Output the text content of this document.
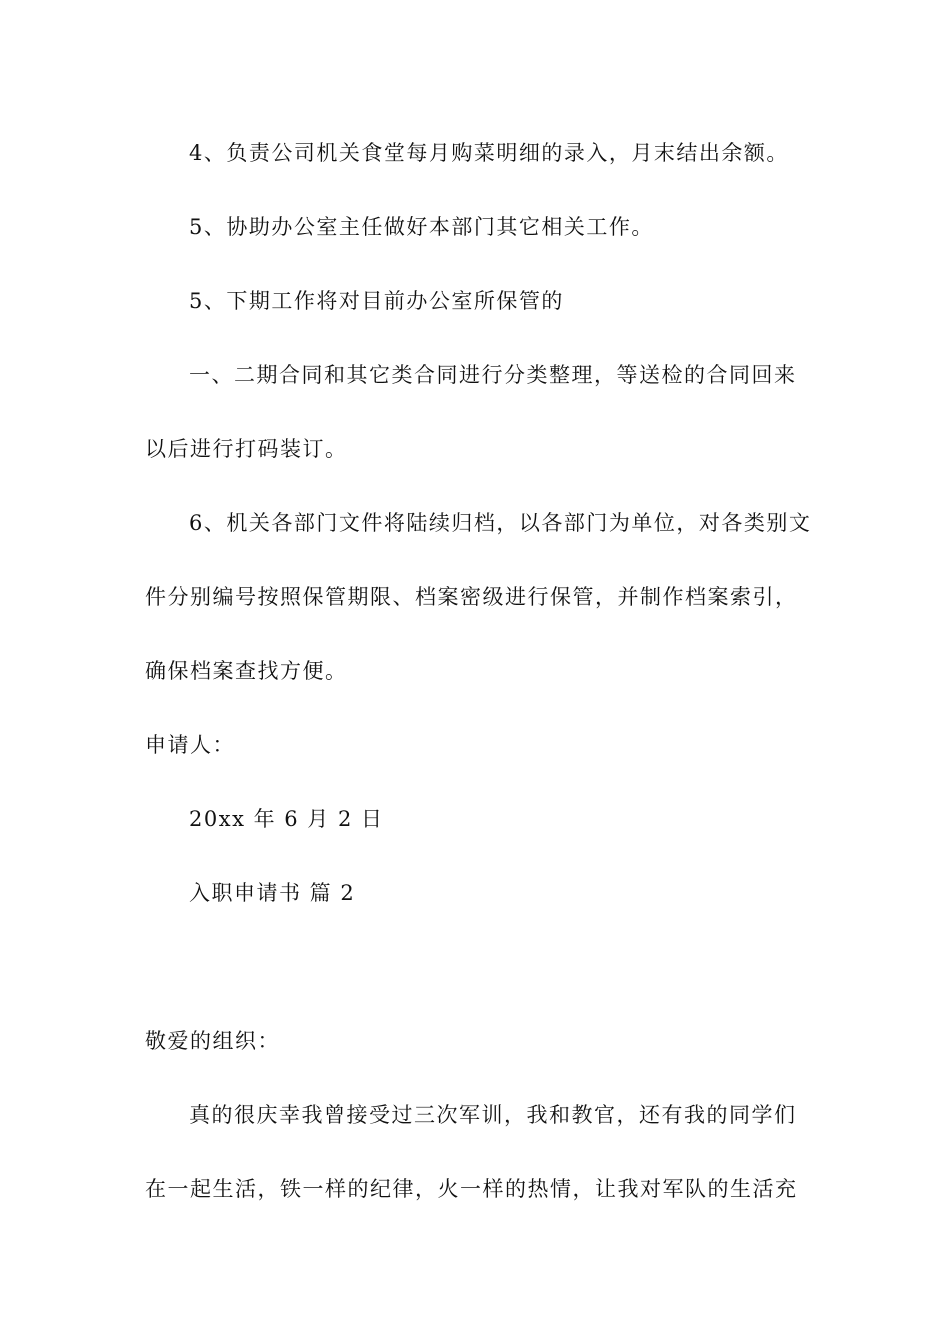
4、负责公司机关食堂每月购菜明细的录入，月末结出余额。
5、协助办公室主任做好本部门其它相关工作。
5、下期工作将对目前办公室所保管的
一、二期合同和其它类合同进行分类整理，等送检的合同回来
以后进行打码装订。
6、机关各部门文件将陆续归档，以各部门为单位，对各类别文
件分别编号按照保管期限、档案密级进行保管，并制作档案索引，
确保档案查找方便。
申请人：
20xx 年 6 月 2 日
入职申请书 篇 2
敬爱的组织：
真的很庆幸我曾接受过三次军训，我和教官，还有我的同学们
在一起生活，铁一样的纪律，火一样的热情，让我对军队的生活充
